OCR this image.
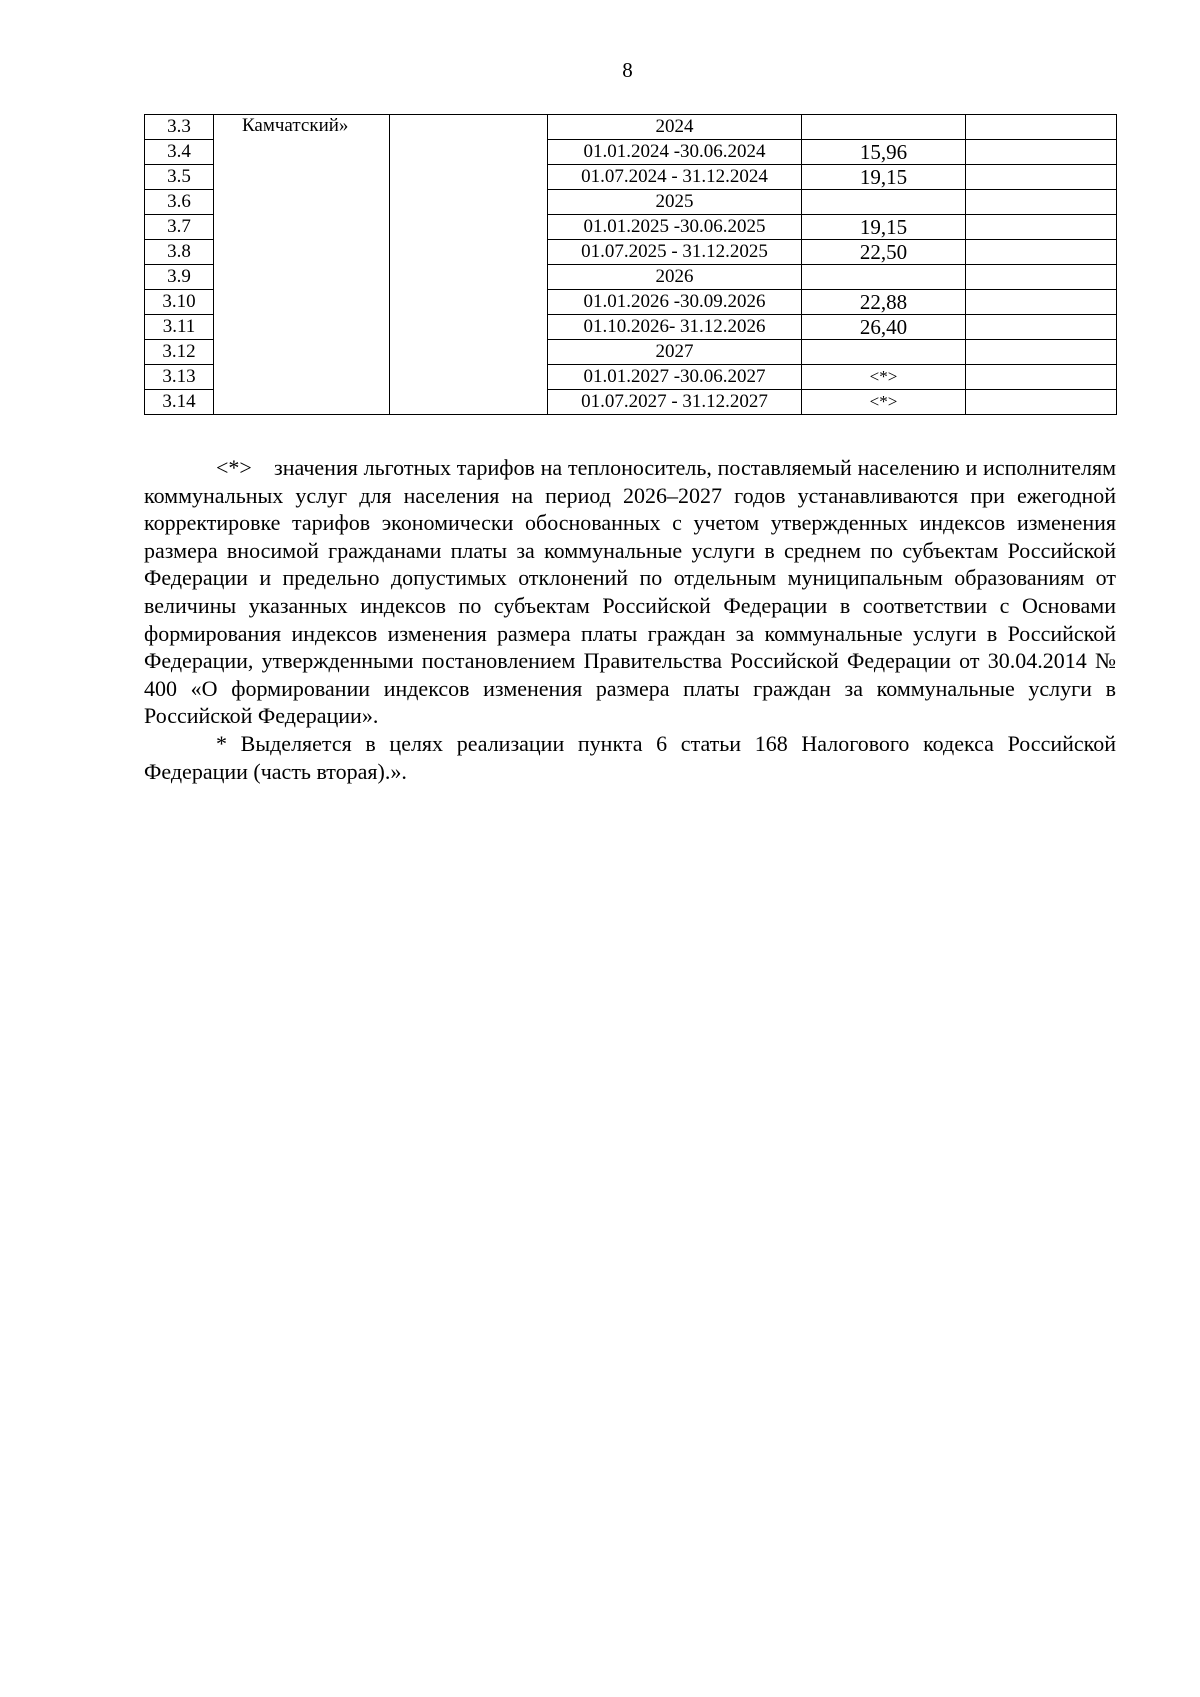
8
3.3	Камчатский»		2024		
3.4			01.01.2024 -30.06.2024	15,96	
3.5			01.07.2024 - 31.12.2024	19,15	
3.6			2025		
3.7			01.01.2025 -30.06.2025	19,15	
3.8			01.07.2025 - 31.12.2025	22,50	
3.9			2026		
3.10			01.01.2026 -30.09.2026	22,88	
3.11			01.10.2026- 31.12.2026	26,40	
3.12			2027		
3.13			01.01.2027 -30.06.2027	<*>	
3.14			01.07.2027 - 31.12.2027	<*>	

<*> значения льготных тарифов на теплоноситель, поставляемый населению и исполнителям коммунальных услуг для населения на период 2026–2027 годов устанавливаются при ежегодной корректировке тарифов экономически обоснованных с учетом утвержденных индексов изменения размера вносимой гражданами платы за коммунальные услуги в среднем по субъектам Российской Федерации и предельно допустимых отклонений по отдельным муниципальным образованиям от величины указанных индексов по субъектам Российской Федерации в соответствии с Основами формирования индексов изменения размера платы граждан за коммунальные услуги в Российской Федерации, утвержденными постановлением Правительства Российской Федерации от 30.04.2014 № 400 «О формировании индексов изменения размера платы граждан за коммунальные услуги в Российской Федерации».

* Выделяется в целях реализации пункта 6 статьи 168 Налогового кодекса Российской Федерации (часть вторая).».
